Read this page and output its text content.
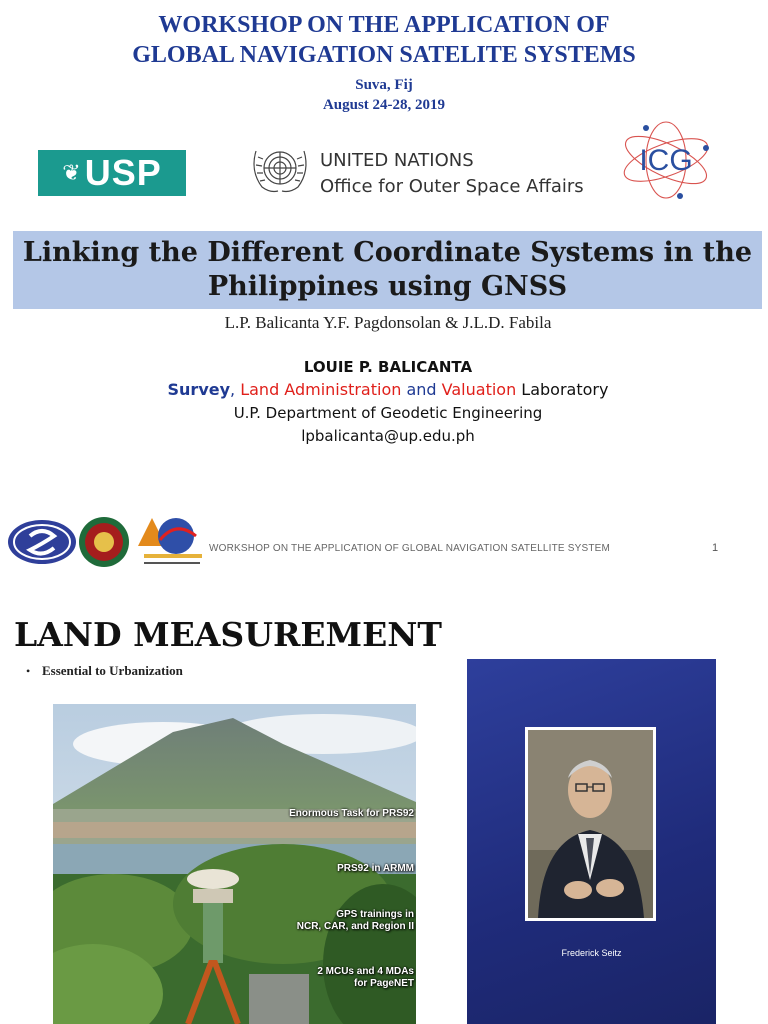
WORKSHOP ON THE APPLICATION OF
GLOBAL NAVIGATION SATELITE SYSTEMS
Suva, Fij
August 24-28, 2019
❦ USP	UNITED NATIONS
Office for Outer Space Affairs
ICG
Linking the Different Coordinate Systems in the
Philippines using GNSS
L.P. Balicanta Y.F. Pagdonsolan & J.L.D. Fabila
LOUIE P. BALICANTA
Survey, Land Administration and Valuation Laboratory
U.P. Department of Geodetic Engineering
lpbalicanta@up.edu.ph
WORKSHOP ON THE APPLICATION OF GLOBAL NAVIGATION SATELLITE SYSTEM	1
LAND MEASUREMENT
• Essential to Urbanization
Enormous Task for PRS92
PRS92 in ARMM
GPS trainings in
NCR, CAR, and Region II
2 MCUs and 4 MDAs
for PageNET
Frederick Seitz
